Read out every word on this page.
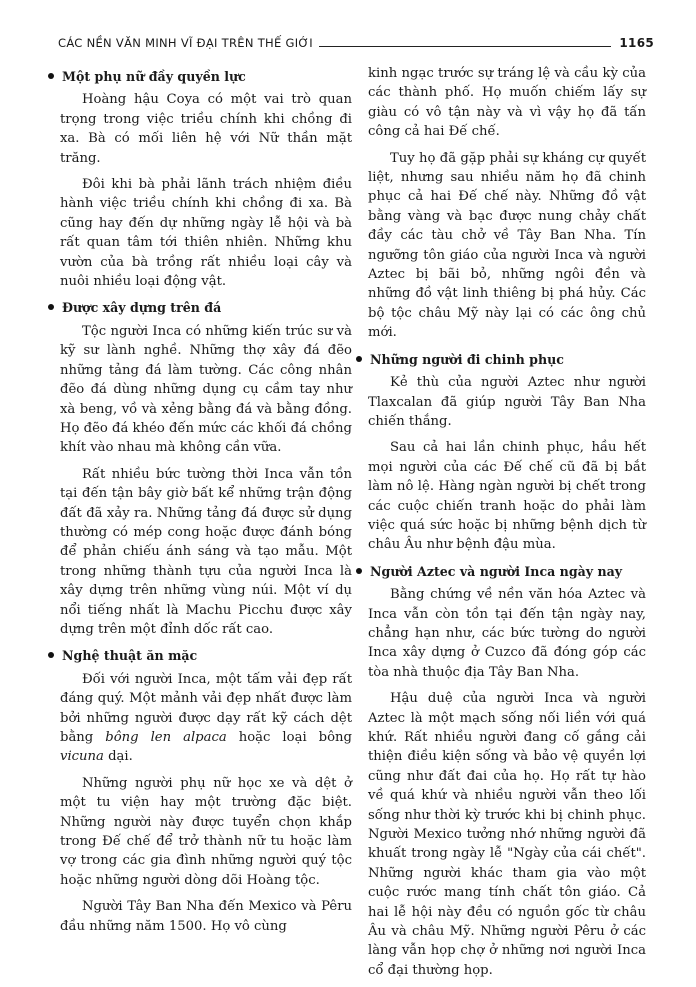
CÁC NỀN VĂN MINH VĨ ĐẠI TRÊN THẾ GIỚI	1165
Một phụ nữ đầy quyền lực

Hoàng hậu Coya có một vai trò quan trọng trong việc triều chính khi chồng đi xa. Bà có mối liên hệ với Nữ thần mặt trăng.

Đôi khi bà phải lãnh trách nhiệm điều hành việc triều chính khi chồng đi xa. Bà cũng hay đến dự những ngày lễ hội và bà rất quan tâm tới thiên nhiên. Những khu vườn của bà trồng rất nhiều loại cây và nuôi nhiều loại động vật.

Được xây dựng trên đá

Tộc người Inca có những kiến trúc sư và kỹ sư lành nghề. Những thợ xây đá đẽo những tảng đá làm tường. Các công nhân đẽo đá dùng những dụng cụ cầm tay như xà beng, vồ và xẻng bằng đá và bằng đồng. Họ đẽo đá khéo đến mức các khối đá chồng khít vào nhau mà không cần vữa.

Rất nhiều bức tường thời Inca vẫn tồn tại đến tận bây giờ bất kể những trận động đất đã xảy ra. Những tảng đá được sử dụng thường có mép cong hoặc được đánh bóng để phản chiếu ánh sáng và tạo mẫu. Một trong những thành tựu của người Inca là xây dựng trên những vùng núi. Một ví dụ nổi tiếng nhất là Machu Picchu được xây dựng trên một đỉnh dốc rất cao.

Nghệ thuật ăn mặc

Đối với người Inca, một tấm vải đẹp rất đáng quý. Một mảnh vải đẹp nhất được làm bởi những người được dạy rất kỹ cách dệt bằng bông len alpaca hoặc loại bông vicuna dại.

Những người phụ nữ học xe và dệt ở một tu viện hay một trường đặc biệt. Những người này được tuyển chọn khắp trong Đế chế để trở thành nữ tu hoặc làm vợ trong các gia đình những người quý tộc hoặc những người dòng dõi Hoàng tộc.

Người Tây Ban Nha đến Mexico và Pêru đầu những năm 1500. Họ vô cùng

kinh ngạc trước sự tráng lệ và cầu kỳ của các thành phố. Họ muốn chiếm lấy sự giàu có vô tận này và vì vậy họ đã tấn công cả hai Đế chế.

Tuy họ đã gặp phải sự kháng cự quyết liệt, nhưng sau nhiều năm họ đã chinh phục cả hai Đế chế này. Những đồ vật bằng vàng và bạc được nung chảy chất đầy các tàu chở về Tây Ban Nha. Tín ngưỡng tôn giáo của người Inca và người Aztec bị bãi bỏ, những ngôi đền và những đồ vật linh thiêng bị phá hủy. Các bộ tộc châu Mỹ này lại có các ông chủ mới.

Những người đi chinh phục

Kẻ thù của người Aztec như người Tlaxcalan đã giúp người Tây Ban Nha chiến thắng.

Sau cả hai lần chinh phục, hầu hết mọi người của các Đế chế cũ đã bị bắt làm nô lệ. Hàng ngàn người bị chết trong các cuộc chiến tranh hoặc do phải làm việc quá sức hoặc bị những bệnh dịch từ châu Âu như bệnh đậu mùa.

Người Aztec và người Inca ngày nay

Bằng chứng về nền văn hóa Aztec và Inca vẫn còn tồn tại đến tận ngày nay, chẳng hạn như, các bức tường do người Inca xây dựng ở Cuzco đã đóng góp các tòa nhà thuộc địa Tây Ban Nha.

Hậu duệ của người Inca và người Aztec là một mạch sống nối liền với quá khứ. Rất nhiều người đang cố gắng cải thiện điều kiện sống và bảo vệ quyền lợi cũng như đất đai của họ. Họ rất tự hào về quá khứ và nhiều người vẫn theo lối sống như thời kỳ trước khi bị chinh phục. Người Mexico tưởng nhớ những người đã khuất trong ngày lễ "Ngày của cái chết". Những người khác tham gia vào một cuộc rước mang tính chất tôn giáo. Cả hai lễ hội này đều có nguồn gốc từ châu Âu và châu Mỹ. Những người Pêru ở các làng vẫn họp chợ ở những nơi người Inca cổ đại thường họp.
